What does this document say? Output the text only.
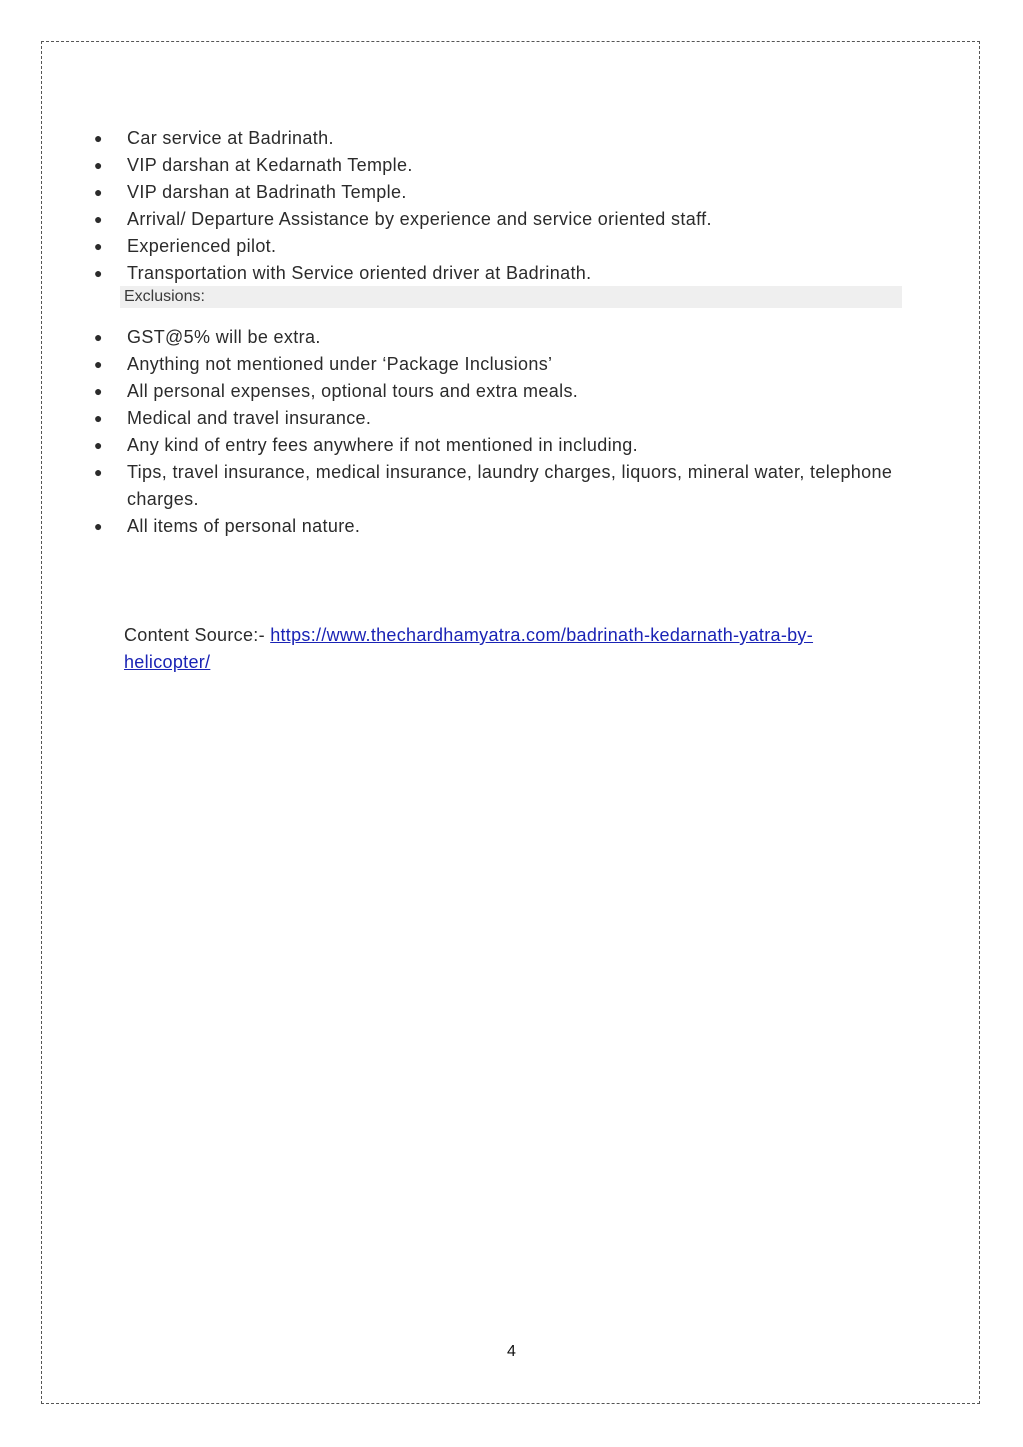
● Car service at Badrinath.
● VIP darshan at Kedarnath Temple.
● VIP darshan at Badrinath Temple.
● Arrival/ Departure Assistance by experience and service oriented staff.
● Experienced pilot.
● Transportation with Service oriented driver at Badrinath.
Exclusions:
● GST@5% will be extra.
● Anything not mentioned under ‘Package Inclusions’
● All personal expenses, optional tours and extra meals.
● Medical and travel insurance.
● Any kind of entry fees anywhere if not mentioned in including.
● Tips, travel insurance, medical insurance, laundry charges, liquors, mineral water, telephone charges.
● All items of personal nature.
Content Source:- https://www.thechardhamyatra.com/badrinath-kedarnath-yatra-by-helicopter/
4
